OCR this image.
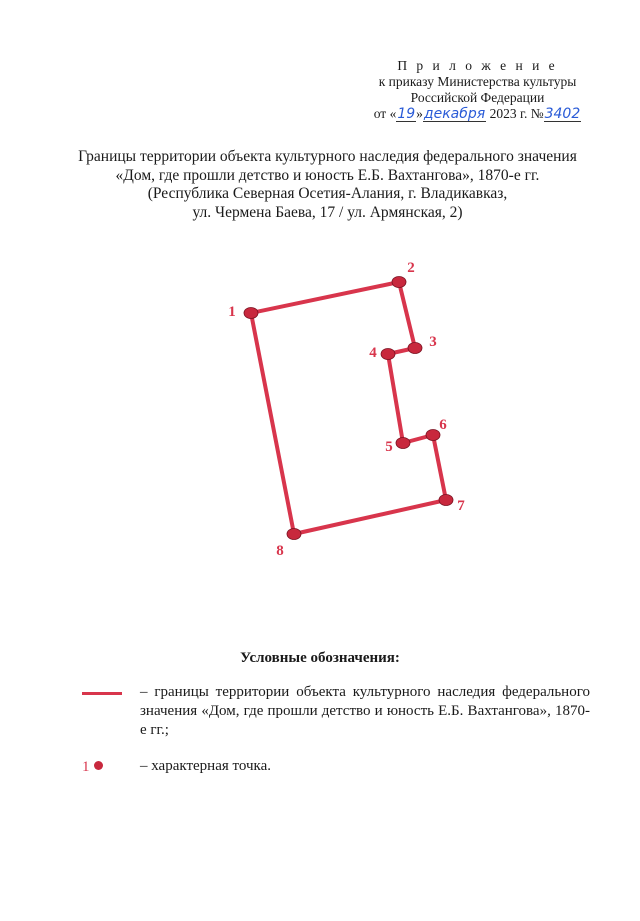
П р и л о ж е н и е
к приказу Министерства культуры
Российской Федерации
от «19»декабря 2023 г. №3402
Границы территории объекта культурного наследия федерального значения
«Дом, где прошли детство и юность Е.Б. Вахтангова», 1870-е гг.
(Республика Северная Осетия-Алания, г. Владикавказ,
ул. Чермена Баева, 17 / ул. Армянская, 2)
1
2
3
4
5
6
7
8
Условные обозначения:
– границы территории объекта культурного наследия федерального значения «Дом, где прошли детство и юность Е.Б. Вахтангова», 1870-е гг.;
1	– характерная точка.
